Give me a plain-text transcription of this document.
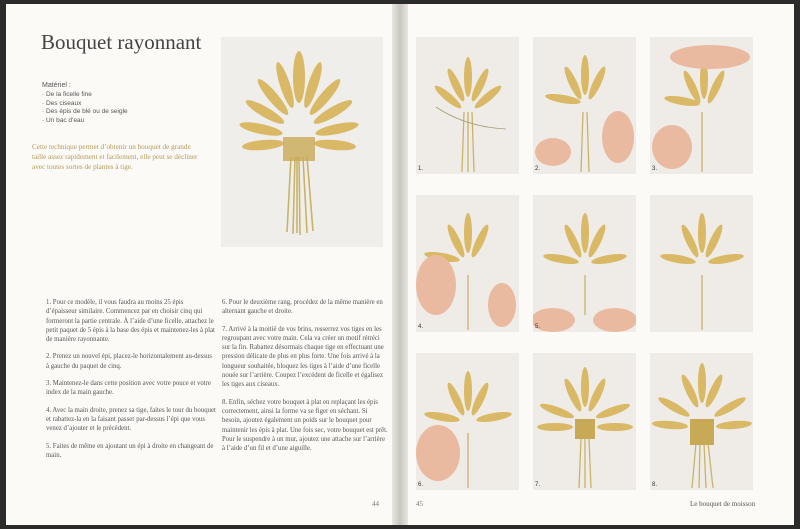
Bouquet rayonnant
Matériel :
- De la ficelle fine
- Des ciseaux
- Des épis de blé ou de seigle
- Un bac d’eau
Cette technique permet d’obtenir un bouquet de grande taille assez rapidement et facilement, elle peut se décliner avec toutes sortes de plantes à tige.

1. Pour ce modèle, il vous faudra au moins 25 épis d’épaisseur similaire. Commencez par en choisir cinq qui formeront la partie centrale. À l’aide d’une ficelle, attachez le petit paquet de 5 épis à la base des épis et maintenez-les à plat de manière rayonnante.

2. Prenez un nouvel épi, placez-le horizontalement au-dessus à gauche du paquet de cinq.

3. Maintenez-le dans cette position avec votre pouce et votre index de la main gauche.

4. Avec la main droite, prenez sa tige, faites le tour du bouquet et rabattez-la en la faisant passer par-dessus l’épi que vous venez d’ajouter et le précédent.

5. Faites de même en ajoutant un épi à droite en changeant de main.

6. Pour le deuxième rang, procédez de la même manière en alternant gauche et droite.

7. Arrivé à la moitié de vos brins, resserrez vos tiges en les regroupant avec votre main. Cela va créer un motif rétréci sur la fin. Rabattez désormais chaque tige en effectuant une pression délicate de plus en plus forte. Une fois arrivé à la longueur souhaitée, bloquez les tiges à l’aide d’une ficelle nouée sur l’arrière. Coupez l’excédent de ficelle et égalisez les tiges aux ciseaux.

8. Enfin, séchez votre bouquet à plat en replaçant les épis correctement, ainsi la forme va se figer en séchant. Si besoin, ajoutez également un poids sur le bouquet pour maintenir les épis à plat. Une fois sec, votre bouquet est prêt. Pour le suspendre à un mur, ajoutez une attache sur l’arrière à l’aide d’un fil et d’une aiguille.

44	45	Le bouquet de moisson
1.	2.	3.
4.	5.
6.	7.	8.
